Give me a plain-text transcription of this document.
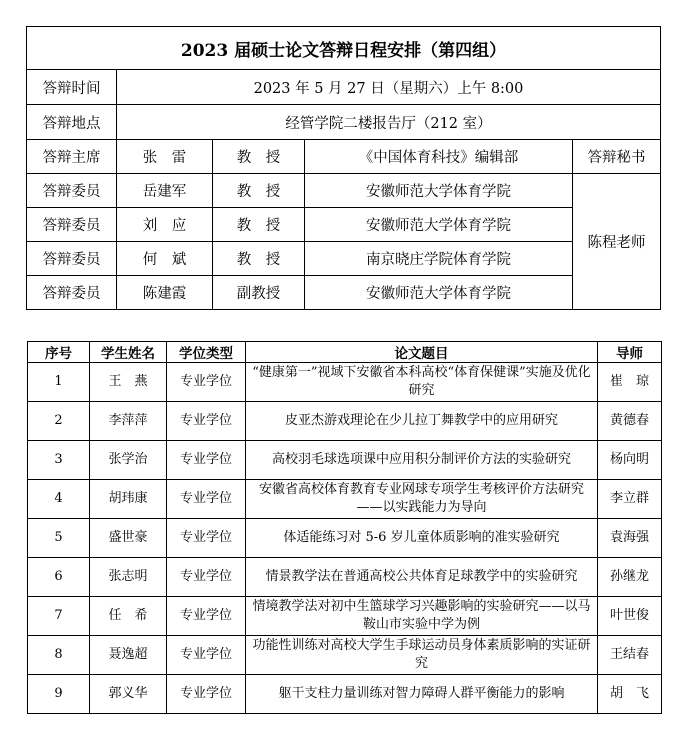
2023 届硕士论文答辩日程安排（第四组）				
答辩时间	2023 年 5 月 27 日（星期六）上午 8:00			
答辩地点	经管学院二楼报告厅（212 室）			
答辩主席	张　雷	教　授	《中国体育科技》编辑部	答辩秘书
答辩委员	岳建军	教　授	安徽师范大学体育学院	陈程老师
答辩委员	刘　应	教　授	安徽师范大学体育学院	
答辩委员	何　斌	教　授	南京晓庄学院体育学院	
答辩委员	陈建霞	副教授	安徽师范大学体育学院	
序号	学生姓名	学位类型	论文题目	导师
1	王　燕	专业学位	“健康第一”视域下安徽省本科高校“体育保健课”实施及优化研究	崔　琼
2	李萍萍	专业学位	皮亚杰游戏理论在少儿拉丁舞教学中的应用研究	黄德春
3	张学治	专业学位	高校羽毛球选项课中应用积分制评价方法的实验研究	杨向明
4	胡玮康	专业学位	安徽省高校体育教育专业网球专项学生考核评价方法研究——以实践能力为导向	李立群
5	盛世豪	专业学位	体适能练习对 5-6 岁儿童体质影响的准实验研究	袁海强
6	张志明	专业学位	情景教学法在普通高校公共体育足球教学中的实验研究	孙继龙
7	任　希	专业学位	情境教学法对初中生篮球学习兴趣影响的实验研究——以马鞍山市实验中学为例	叶世俊
8	聂逸超	专业学位	功能性训练对高校大学生手球运动员身体素质影响的实证研究	王结春
9	郭义华	专业学位	躯干支柱力量训练对智力障碍人群平衡能力的影响	胡　飞
